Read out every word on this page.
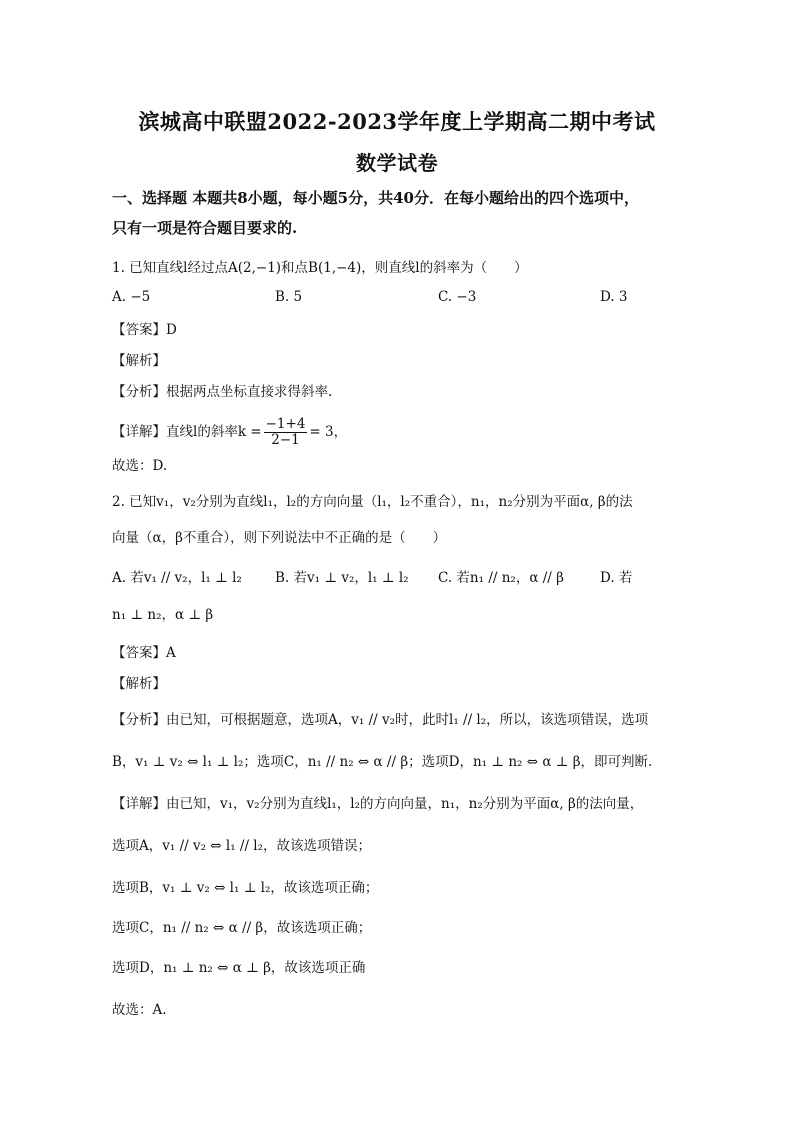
滨城高中联盟2022-2023学年度上学期高二期中考试
数学试卷
一、选择题 本题共8小题，每小题5分，共40分．在每小题给出的四个选项中，
只有一项是符合题目要求的.
1. 已知直线l经过点A(2,−1)和点B(1,−4)，则直线l的斜率为（　　）
A. −5	B. 5	C. −3	D. 3
【答案】D
【解析】
【分析】根据两点坐标直接求得斜率.
【详解】直线l的斜率$k = \frac{-1+4}{2-1} = 3$，
故选：D.
2. 已知v₁，v₂分别为直线l₁，l₂的方向向量（l₁，l₂不重合），n₁，n₂分别为平面α, β的法
向量（α，β不重合），则下列说法中不正确的是（　　）
A. 若v₁ // v₂，l₁ ⊥ l₂ B. 若v₁ ⊥ v₂，l₁ ⊥ l₂ C. 若n₁ // n₂，α // β	D. 若
n₁ ⊥ n₂，α ⊥ β
【答案】A
【解析】
【分析】由已知，可根据题意，选项A，v₁ // v₂时，此时l₁ // l₂，所以，该选项错误，选项
B，v₁ ⊥ v₂ ⇔ l₁ ⊥ l₂；选项C，n₁ // n₂ ⇔ α // β；选项D，n₁ ⊥ n₂ ⇔ α ⊥ β，即可判断.
【详解】由已知，v₁，v₂分别为直线l₁，l₂的方向向量，n₁，n₂分别为平面α, β的法向量，
选项A，v₁ // v₂ ⇔ l₁ // l₂，故该选项错误；
选项B，v₁ ⊥ v₂ ⇔ l₁ ⊥ l₂，故该选项正确；
选项C，n₁ // n₂ ⇔ α // β，故该选项正确；
选项D，n₁ ⊥ n₂ ⇔ α ⊥ β，故该选项正确
故选：A.
